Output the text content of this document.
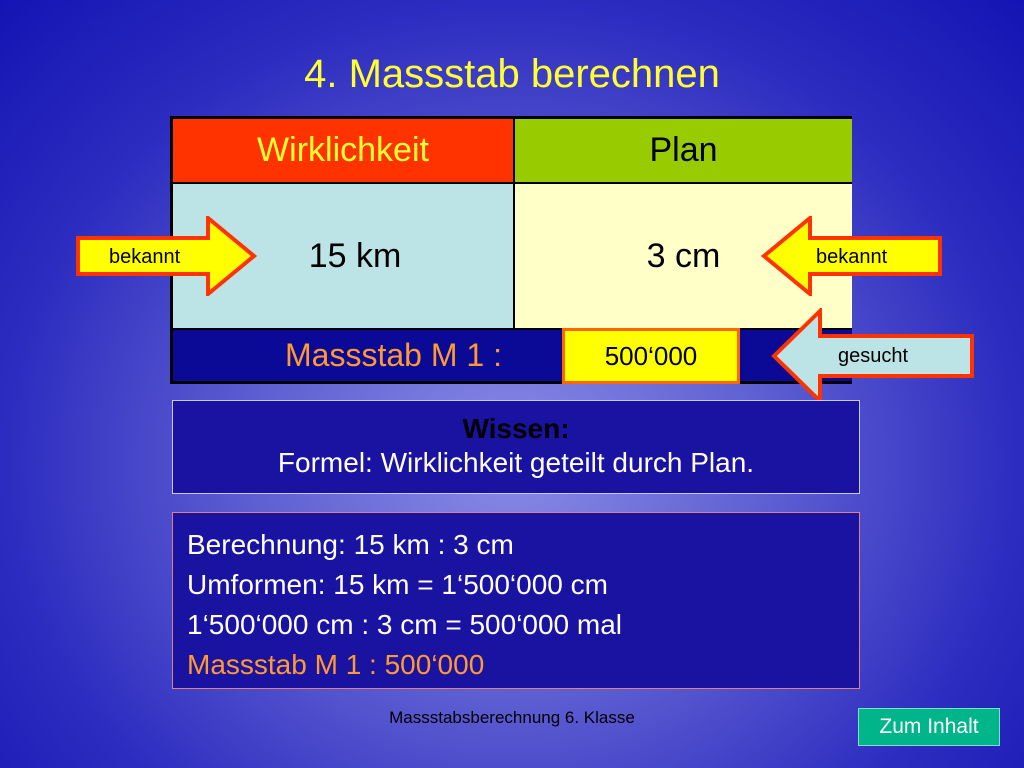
4. Massstab berechnen
Wirklichkeit	Plan
15 km	3 cm
Massstab M 1 :	500‘000
bekannt	bekannt
gesucht
Wissen:
Formel: Wirklichkeit geteilt durch Plan.
Berechnung: 15 km : 3 cm
Umformen: 15 km = 1‘500‘000 cm
1‘500‘000 cm : 3 cm = 500‘000 mal
Massstab M 1 : 500‘000
Massstabsberechnung 6. Klasse	Zum Inhalt
